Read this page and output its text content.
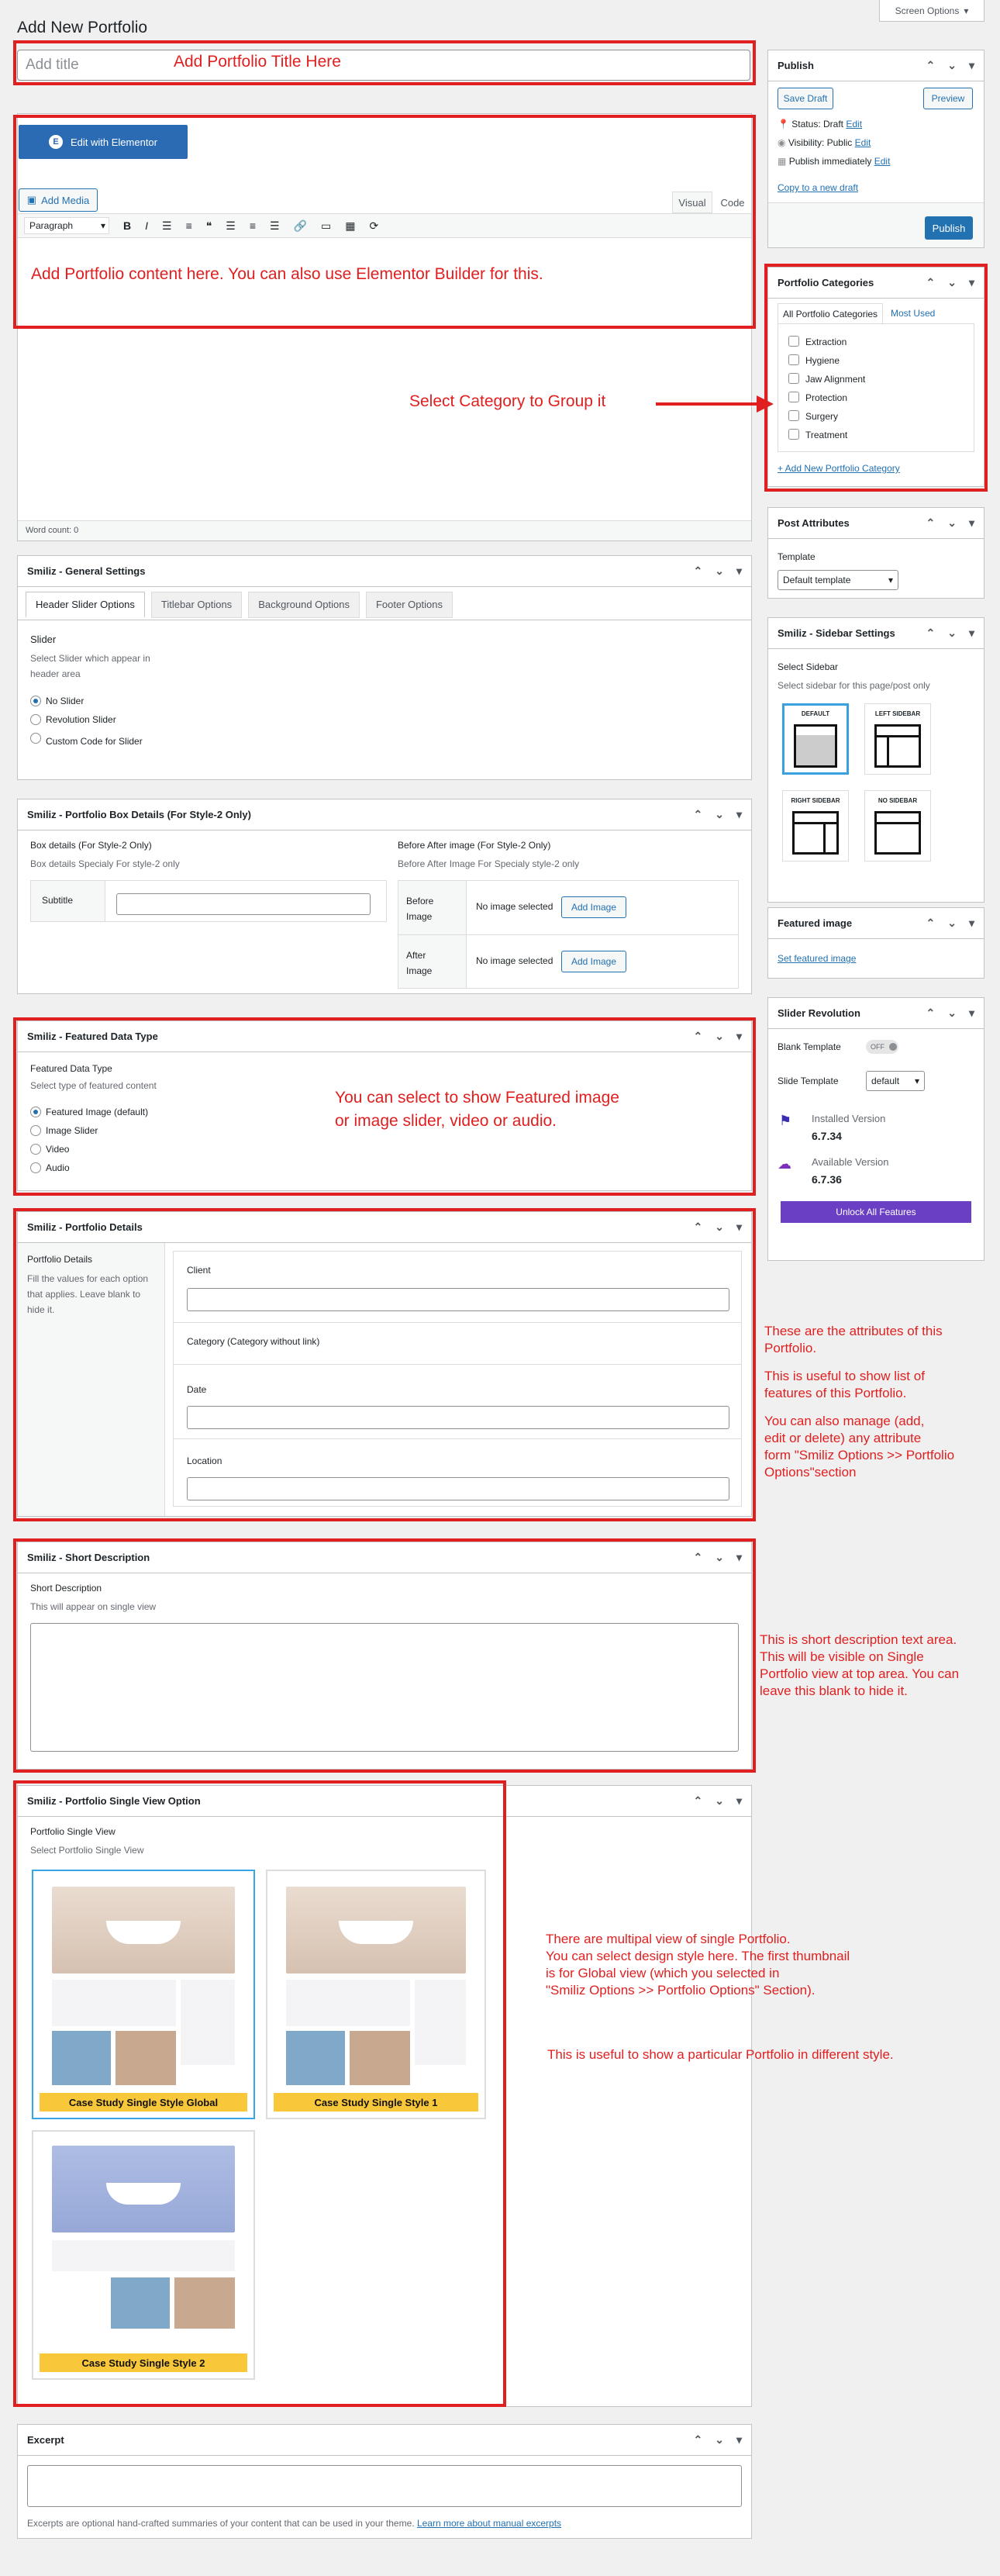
Add New Portfolio
Screen Options ▾
Add title	Add Portfolio Title Here
E	Edit with Elementor
▣ Add Media	Visual	Code
Paragraph	▾ B I ☰ ≡ ❝ ☰ ≡ ☰ 🔗 ▭ ▦ ⟳
Word count: 0
Add Portfolio content here. You can also use Elementor Builder for this.
Smiliz - General Settings	⌃ ⌄ ▾
Header Slider Options	Titlebar Options	Background Options	Footer Options
Slider
Select Slider which appear in header area
No Slider
Revolution Slider
Custom Code for Slider
Smiliz - Portfolio Box Details (For Style-2 Only)	⌃ ⌄ ▾
Box details (For Style-2 Only)
Box details Specialy For style-2 only
Subtitle
Before After image (For Style-2 Only)
Before After Image For Specialy style-2 only
Before Image
No image selected	Add Image
After Image
No image selected	Add Image
Smiliz - Featured Data Type	⌃ ⌄ ▾
Featured Data Type
Select type of featured content
Featured Image (default)
Image Slider
Video
Audio
You can select to show Featured image
or image slider, video or audio.
Smiliz - Portfolio Details	⌃ ⌄ ▾
Portfolio Details
Fill the values for each option that applies. Leave blank to hide it.
Client
Category (Category without link)
Date
Location
These are the attributes of this
Portfolio.
This is useful to show list of
features of this Portfolio.
You can also manage (add,
edit or delete) any attribute
form "Smiliz Options >> Portfolio
Options"section
Smiliz - Short Description	⌃ ⌄ ▾
Short Description
This will appear on single view
This is short description text area.
This will be visible on Single
Portfolio view at top area. You can
leave this blank to hide it.
Smiliz - Portfolio Single View Option	⌃ ⌄ ▾
Portfolio Single View
Select Portfolio Single View
Case Study Single Style Global	Case Study Single Style 1
Case Study Single Style 2
There are multipal view of single Portfolio.
You can select design style here. The first thumbnail
is for Global view (which you selected in
"Smiliz Options >> Portfolio Options" Section).
This is useful to show a particular Portfolio in different style.
Excerpt	⌃ ⌄ ▾
Excerpts are optional hand-crafted summaries of your content that can be used in your theme. Learn more about manual excerpts
Publish	⌃ ⌄ ▾
Save Draft	Preview
📍 Status: Draft Edit
◉ Visibility: Public Edit
▦ Publish immediately Edit
Copy to a new draft
Publish
Portfolio Categories	⌃ ⌄ ▾
All Portfolio Categories	Most Used
Extraction
Hygiene
Jaw Alignment
Protection
Surgery
Treatment
+ Add New Portfolio Category
Select Category to Group it
Post Attributes	⌃ ⌄ ▾
Template
Default template	▾
Smiliz - Sidebar Settings	⌃ ⌄ ▾
Select Sidebar
Select sidebar for this page/post only
DEFAULT	LEFT SIDEBAR
RIGHT SIDEBAR	NO SIDEBAR
Featured image	⌃ ⌄ ▾
Set featured image
Slider Revolution	⌃ ⌄ ▾
Blank Template	OFF
Slide Template	default ▾
⚑ Installed Version
6.7.34
☁ Available Version
6.7.36
Unlock All Features
